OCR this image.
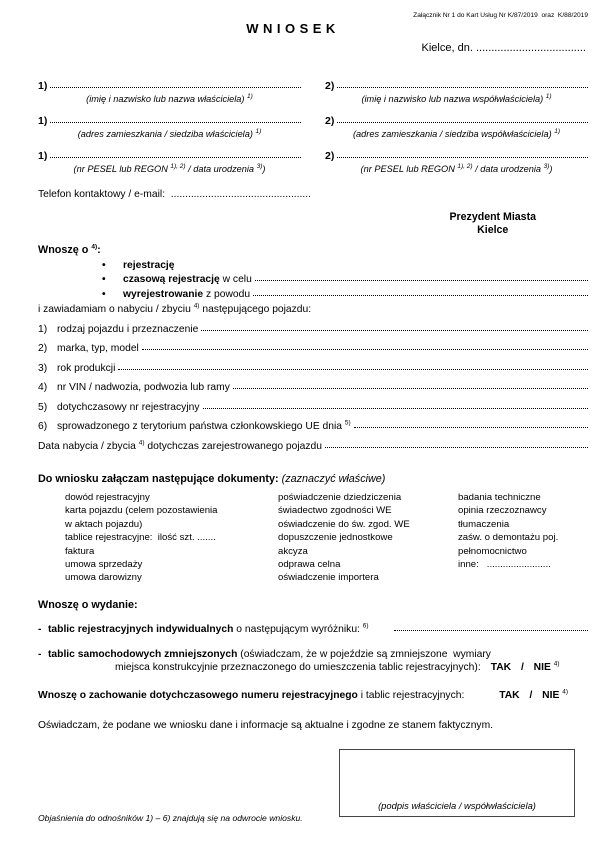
Załącznik Nr 1 do Kart Usług Nr K/87/2019  oraz  K/88/2019
WNIOSEK
Kielce, dn. ....................................
1)
(imię i nazwisko lub nazwa właściciela) $^{1)}$
2)
(imię i nazwisko lub nazwa współwłaściciela) $^{1)}$
1)
(adres zamieszkania / siedziba właściciela) $^{1)}$
2)
(adres zamieszkania / siedziba współwłaściciela) $^{1)}$
1)
(nr PESEL lub REGON $^{1), 2)}$ / data urodzenia $^{3)}$)
2)
(nr PESEL lub REGON $^{1), 2)}$ / data urodzenia $^{3)}$)
Telefon kontaktowy / e-mail: .................................................
Prezydent Miasta
Kielce
Wnoszę o $^{4)}$:
•	rejestrację
•	czasową rejestrację w celu
•	wyrejestrowanie z powodu
i zawiadamiam o nabyciu / zbyciu $^{4)}$ następującego pojazdu:
1) rodzaj pojazdu i przeznaczenie
2) marka, typ, model
3) rok produkcji
4) nr VIN / nadwozia, podwozia lub ramy
5) dotychczasowy nr rejestracyjny
6) sprowadzonego z terytorium państwa członkowskiego UE dnia $^{5)}$
Data nabycia / zbycia $^{4)}$ dotychczas zarejestrowanego pojazdu
Do wniosku załączam następujące dokumenty: (zaznaczyć właściwe)
dowód rejestracyjny
karta pojazdu (celem pozostawienia
w aktach pojazdu)
tablice rejestracyjne:  ilość szt. .......
faktura
umowa sprzedaży
umowa darowizny
poświadczenie dziedziczenia
świadectwo zgodności WE
oświadczenie do św. zgod. WE
dopuszczenie jednostkowe
akcyza
odprawa celna
oświadczenie importera
badania techniczne
opinia rzeczoznawcy
tłumaczenia
zaśw. o demontażu poj.
pełnomocnictwo
inne:   ........................
Wnoszę o wydanie:
- tablic rejestracyjnych indywidualnych o następującym wyróżniku: $^{6)}$
- tablic samochodowych zmniejszonych (oświadczam, że w pojeździe są zmniejszone  wymiary
miejsca konstrukcyjnie przeznaczonego do umieszczenia tablic rejestracyjnych): TAK / NIE $^{4)}$
Wnoszę o zachowanie dotychczasowego numeru rejestracyjnego i tablic rejestracyjnych:	TAK / NIE $^{4)}$
Oświadczam, że podane we wniosku dane i informacje są aktualne i zgodne ze stanem faktycznym.
(podpis właściciela / współwłaściciela)
Objaśnienia do odnośników 1) – 6) znajdują się na odwrocie wniosku.
